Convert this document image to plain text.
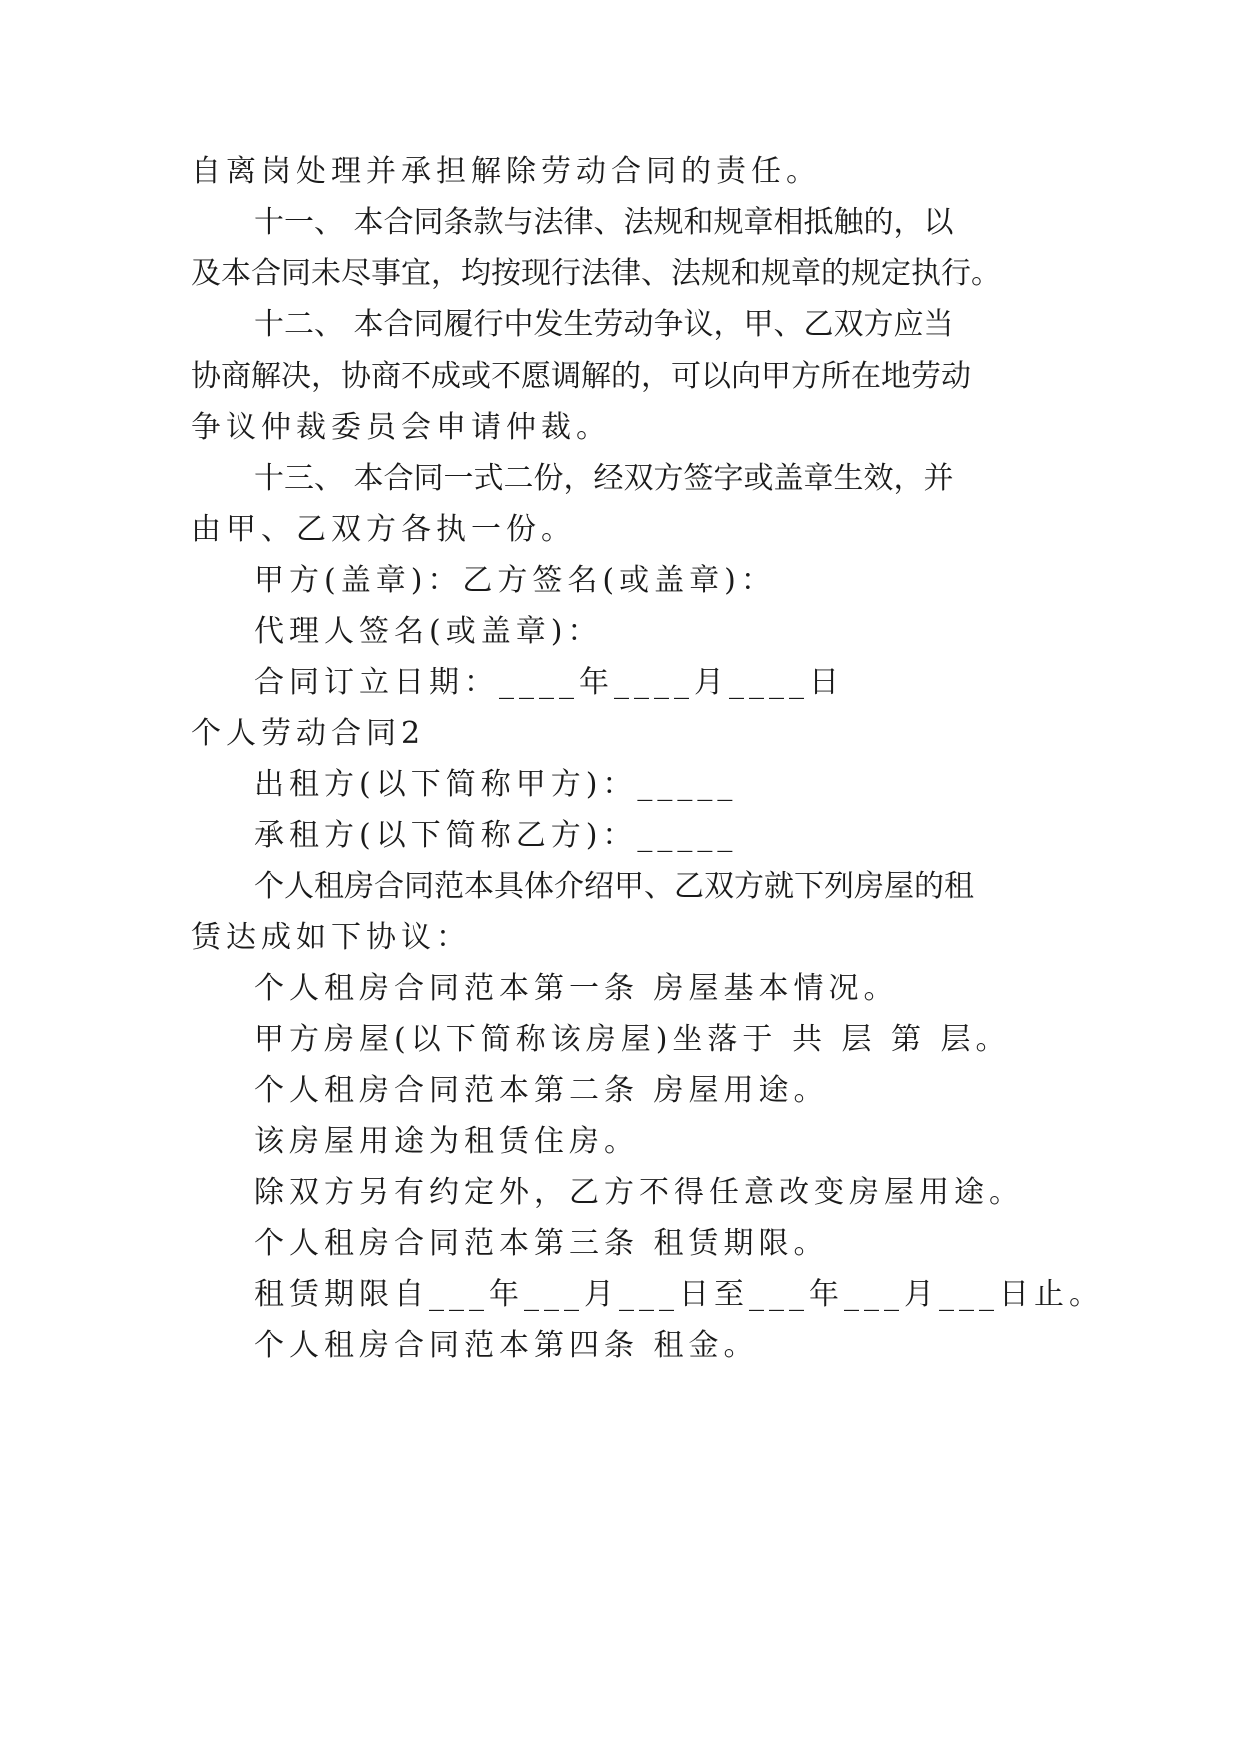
自离岗处理并承担解除劳动合同的责任。
十一、 本合同条款与法律、法规和规章相抵触的，以
及本合同未尽事宜，均按现行法律、法规和规章的规定执行。
十二、 本合同履行中发生劳动争议，甲、乙双方应当
协商解决，协商不成或不愿调解的，可以向甲方所在地劳动
争议仲裁委员会申请仲裁。
十三、 本合同一式二份，经双方签字或盖章生效，并
由甲、乙双方各执一份。
甲方(盖章)：乙方签名(或盖章)：
代理人签名(或盖章)：
合同订立日期：____年____月____日
个人劳动合同2
出租方(以下简称甲方)：_____
承租方(以下简称乙方)：_____
个人租房合同范本具体介绍甲、乙双方就下列房屋的租
赁达成如下协议：
个人租房合同范本第一条 房屋基本情况。
甲方房屋(以下简称该房屋)坐落于 共 层 第 层。
个人租房合同范本第二条 房屋用途。
该房屋用途为租赁住房。
除双方另有约定外，乙方不得任意改变房屋用途。
个人租房合同范本第三条 租赁期限。
租赁期限自___年___月___日至___年___月___日止。
个人租房合同范本第四条 租金。
